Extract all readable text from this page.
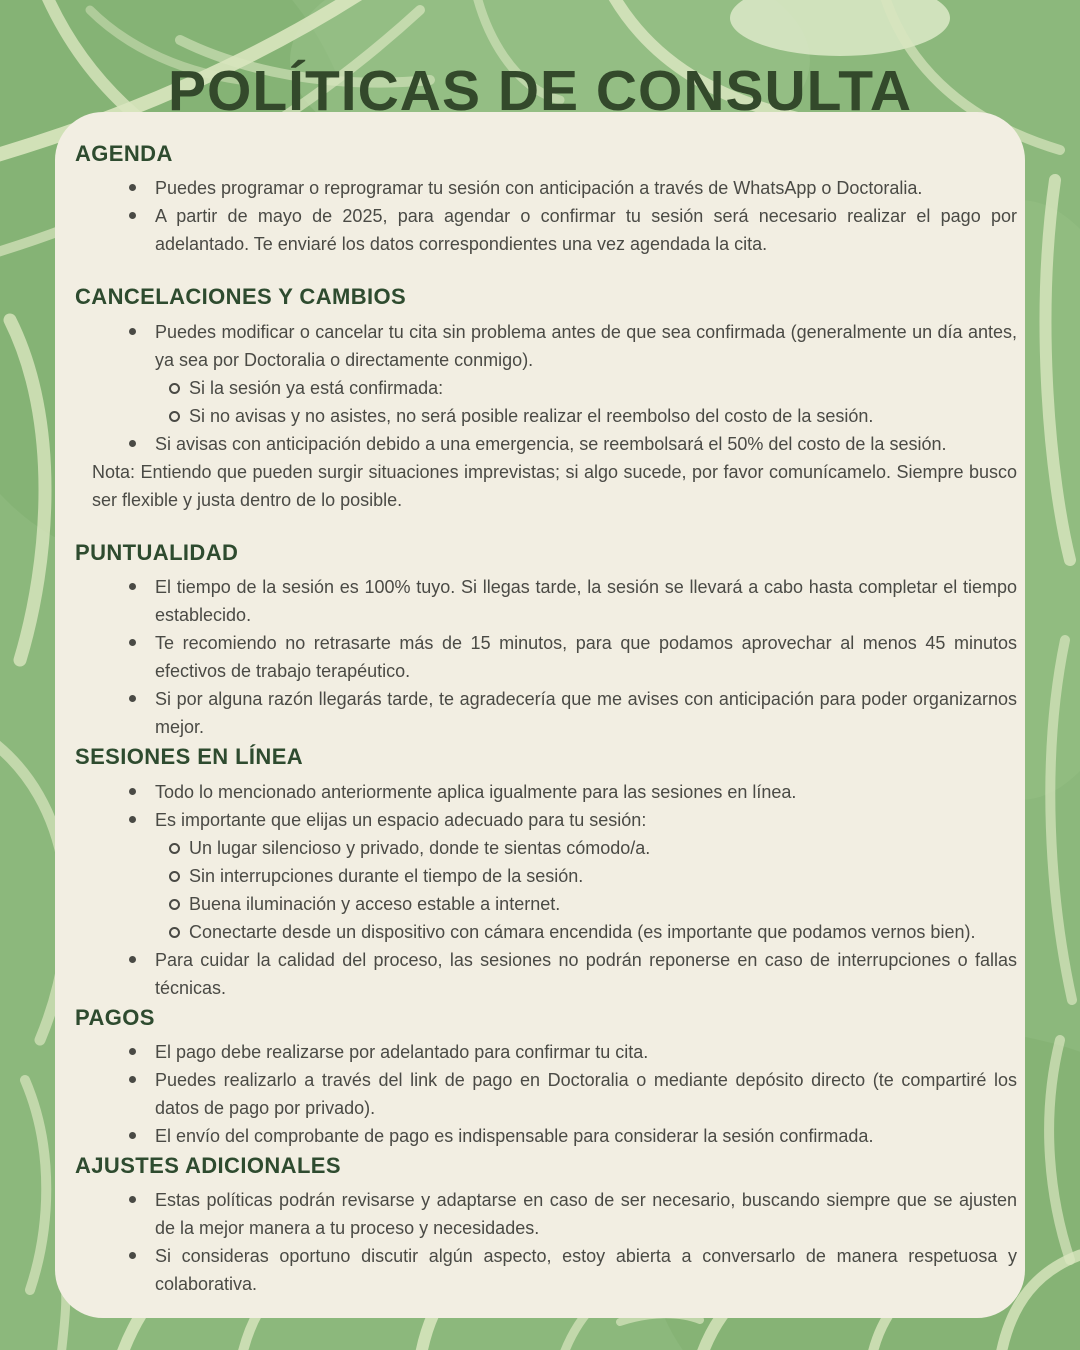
POLÍTICAS DE CONSULTA
AGENDA

Puedes programar o reprogramar tu sesión con anticipación a través de WhatsApp o Doctoralia.

A partir de mayo de 2025, para agendar o confirmar tu sesión será necesario realizar el pago por adelantado. Te enviaré los datos correspondientes una vez agendada la cita.

CANCELACIONES Y CAMBIOS

Puedes modificar o cancelar tu cita sin problema antes de que sea confirmada (generalmente un día antes, ya sea por Doctoralia o directamente conmigo).

Si la sesión ya está confirmada:

Si no avisas y no asistes, no será posible realizar el reembolso del costo de la sesión.

Si avisas con anticipación debido a una emergencia, se reembolsará el 50% del costo de la sesión.

Nota: Entiendo que pueden surgir situaciones imprevistas; si algo sucede, por favor comunícamelo. Siempre busco ser flexible y justa dentro de lo posible.

PUNTUALIDAD

El tiempo de la sesión es 100% tuyo. Si llegas tarde, la sesión se llevará a cabo hasta completar el tiempo establecido.

Te recomiendo no retrasarte más de 15 minutos, para que podamos aprovechar al menos 45 minutos efectivos de trabajo terapéutico.

Si por alguna razón llegarás tarde, te agradecería que me avises con anticipación para poder organizarnos mejor.

SESIONES EN LÍNEA

Todo lo mencionado anteriormente aplica igualmente para las sesiones en línea.

Es importante que elijas un espacio adecuado para tu sesión:

Un lugar silencioso y privado, donde te sientas cómodo/a.

Sin interrupciones durante el tiempo de la sesión.

Buena iluminación y acceso estable a internet.

Conectarte desde un dispositivo con cámara encendida (es importante que podamos vernos bien).

Para cuidar la calidad del proceso, las sesiones no podrán reponerse en caso de interrupciones o fallas técnicas.

PAGOS

El pago debe realizarse por adelantado para confirmar tu cita.

Puedes realizarlo a través del link de pago en Doctoralia o mediante depósito directo (te compartiré los datos de pago por privado).

El envío del comprobante de pago es indispensable para considerar la sesión confirmada.

AJUSTES ADICIONALES

Estas políticas podrán revisarse y adaptarse en caso de ser necesario, buscando siempre que se ajusten de la mejor manera a tu proceso y necesidades.

Si consideras oportuno discutir algún aspecto, estoy abierta a conversarlo de manera respetuosa y colaborativa.
